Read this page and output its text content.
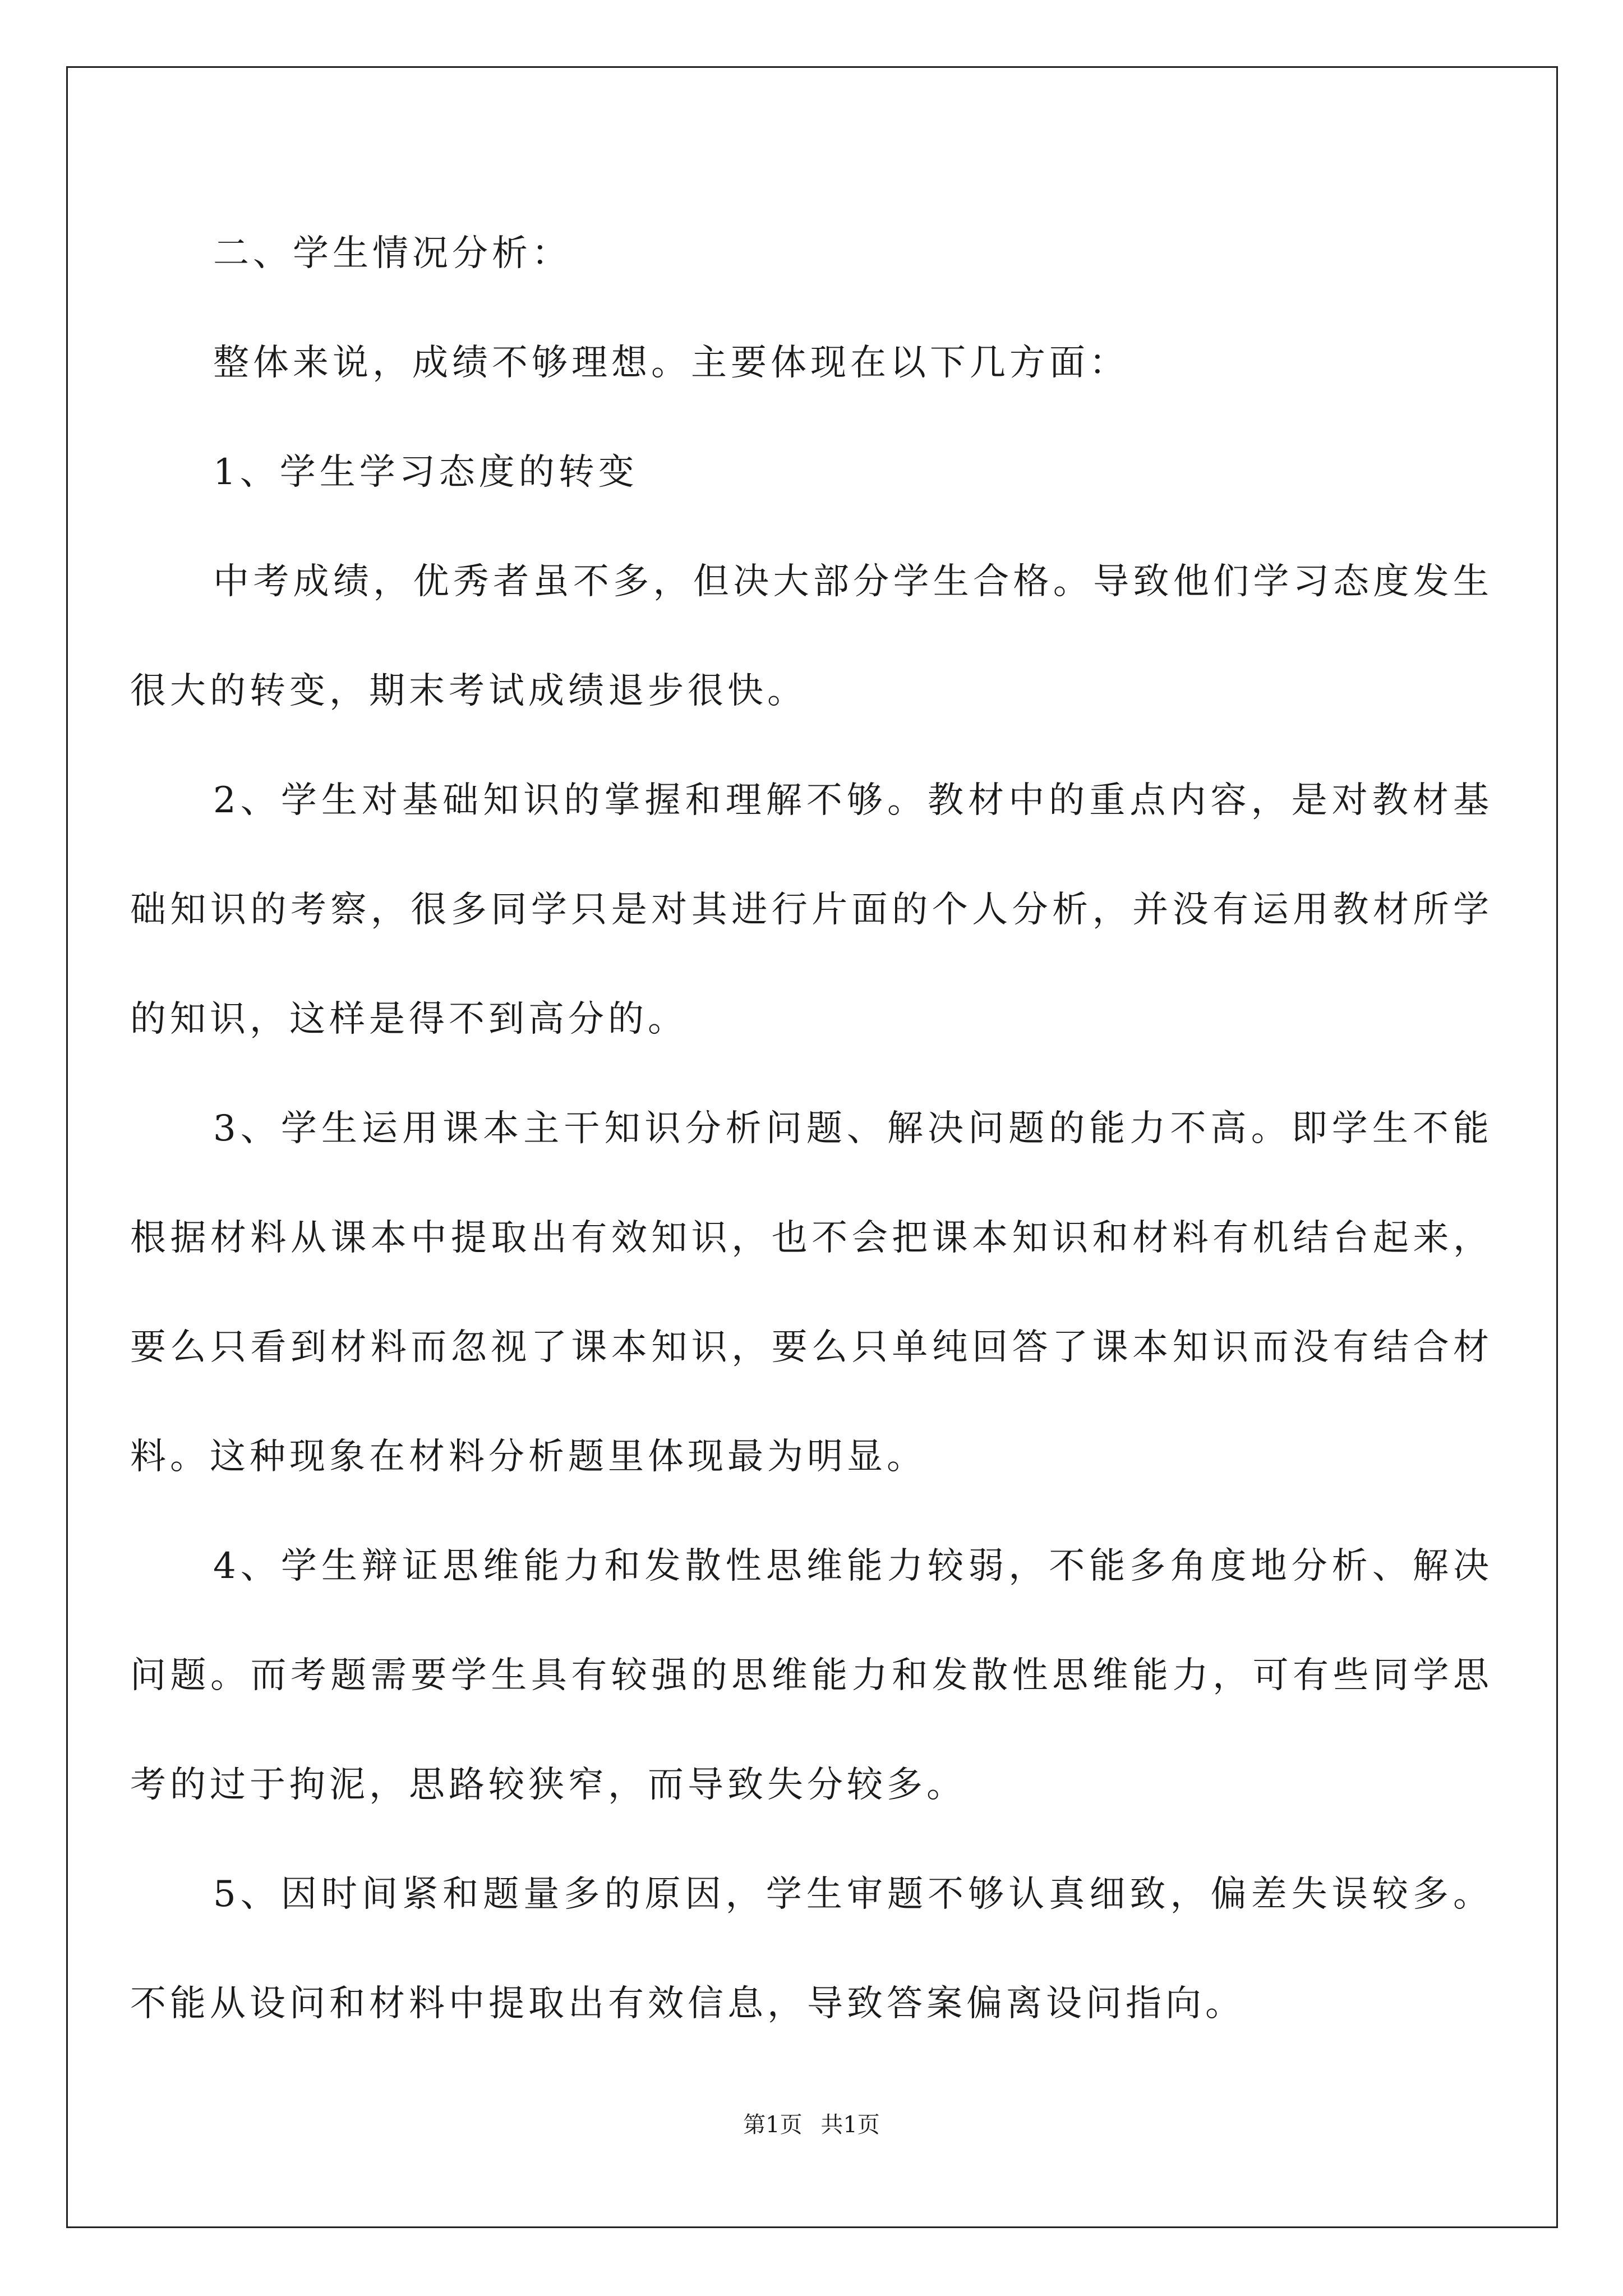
二、学生情况分析：

整体来说，成绩不够理想。主要体现在以下几方面：

1、学生学习态度的转变

中考成绩，优秀者虽不多，但决大部分学生合格。导致他们学习态度发生很大的转变，期末考试成绩退步很快。

2、学生对基础知识的掌握和理解不够。教材中的重点内容，是对教材基础知识的考察，很多同学只是对其进行片面的个人分析，并没有运用教材所学的知识，这样是得不到高分的。

3、学生运用课本主干知识分析问题、解决问题的能力不高。即学生不能根据材料从课本中提取出有效知识，也不会把课本知识和材料有机结台起来，要么只看到材料而忽视了课本知识，要么只单纯回答了课本知识而没有结合材料。这种现象在材料分析题里体现最为明显。

4、学生辩证思维能力和发散性思维能力较弱，不能多角度地分析、解决问题。而考题需要学生具有较强的思维能力和发散性思维能力，可有些同学思考的过于拘泥，思路较狭窄，而导致失分较多。

5、因时间紧和题量多的原因，学生审题不够认真细致，偏差失误较多。不能从设问和材料中提取出有效信息，导致答案偏离设问指向。

第1页 共1页
